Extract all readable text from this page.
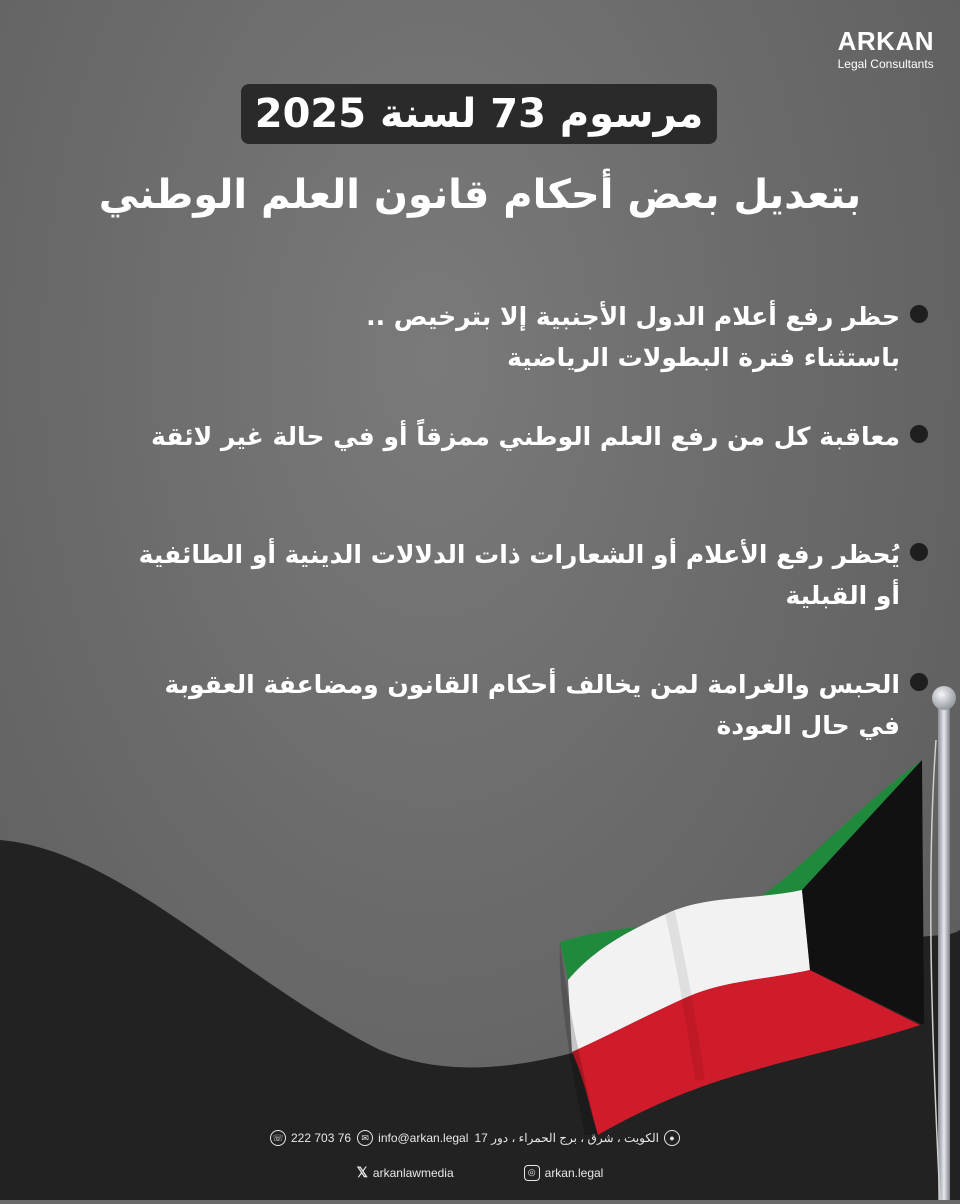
ARKAN
Legal Consultants
مرسوم 73 لسنة 2025
بتعديل بعض أحكام قانون العلم الوطني
حظر رفع أعلام الدول الأجنبية إلا بترخيص ..
باستثناء فترة البطولات الرياضية
معاقبة كل من رفع العلم الوطني ممزقاً أو في حالة غير لائقة
يُحظر رفع الأعلام أو الشعارات ذات الدلالات الدينية أو الطائفية
أو القبلية
الحبس والغرامة لمن يخالف أحكام القانون ومضاعفة العقوبة
في حال العودة
☏ 222 703 76	✉ info@arkan.legal	●
الكويت ، شرق ، برج الحمراء ، دور 17
𝕏 arkanlawmedia	◎ arkan.legal
